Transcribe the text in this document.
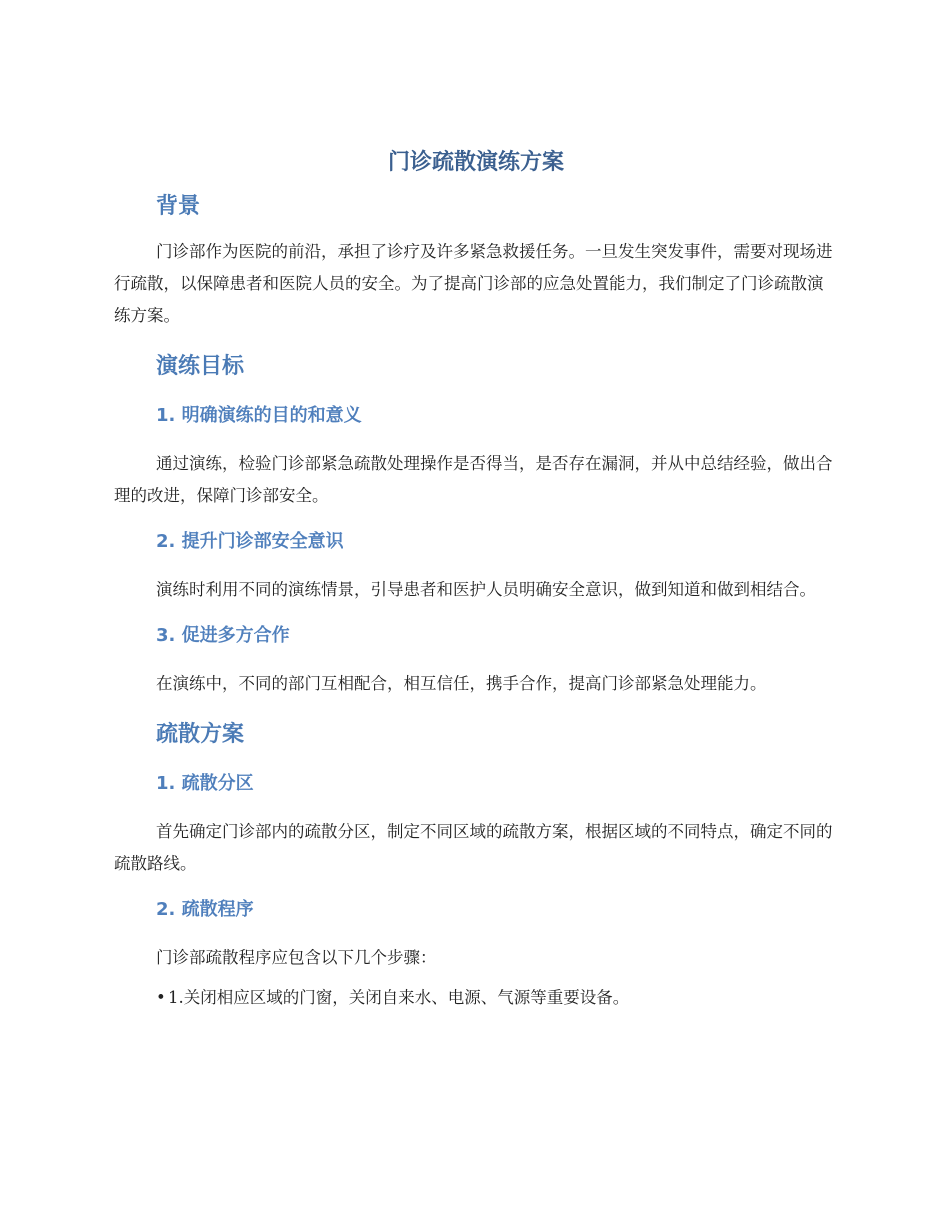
门诊疏散演练方案
背景

门诊部作为医院的前沿，承担了诊疗及许多紧急救援任务。一旦发生突发事件，需要对现场进行疏散，以保障患者和医院人员的安全。为了提高门诊部的应急处置能力，我们制定了门诊疏散演练方案。

演练目标
1. 明确演练的目的和意义

通过演练，检验门诊部紧急疏散处理操作是否得当，是否存在漏洞，并从中总结经验，做出合理的改进，保障门诊部安全。

2. 提升门诊部安全意识

演练时利用不同的演练情景，引导患者和医护人员明确安全意识，做到知道和做到相结合。

3. 促进多方合作

在演练中，不同的部门互相配合，相互信任，携手合作，提高门诊部紧急处理能力。

疏散方案
1. 疏散分区

首先确定门诊部内的疏散分区，制定不同区域的疏散方案，根据区域的不同特点，确定不同的疏散路线。

2. 疏散程序

门诊部疏散程序应包含以下几个步骤：

• 1.关闭相应区域的门窗，关闭自来水、电源、气源等重要设备。
